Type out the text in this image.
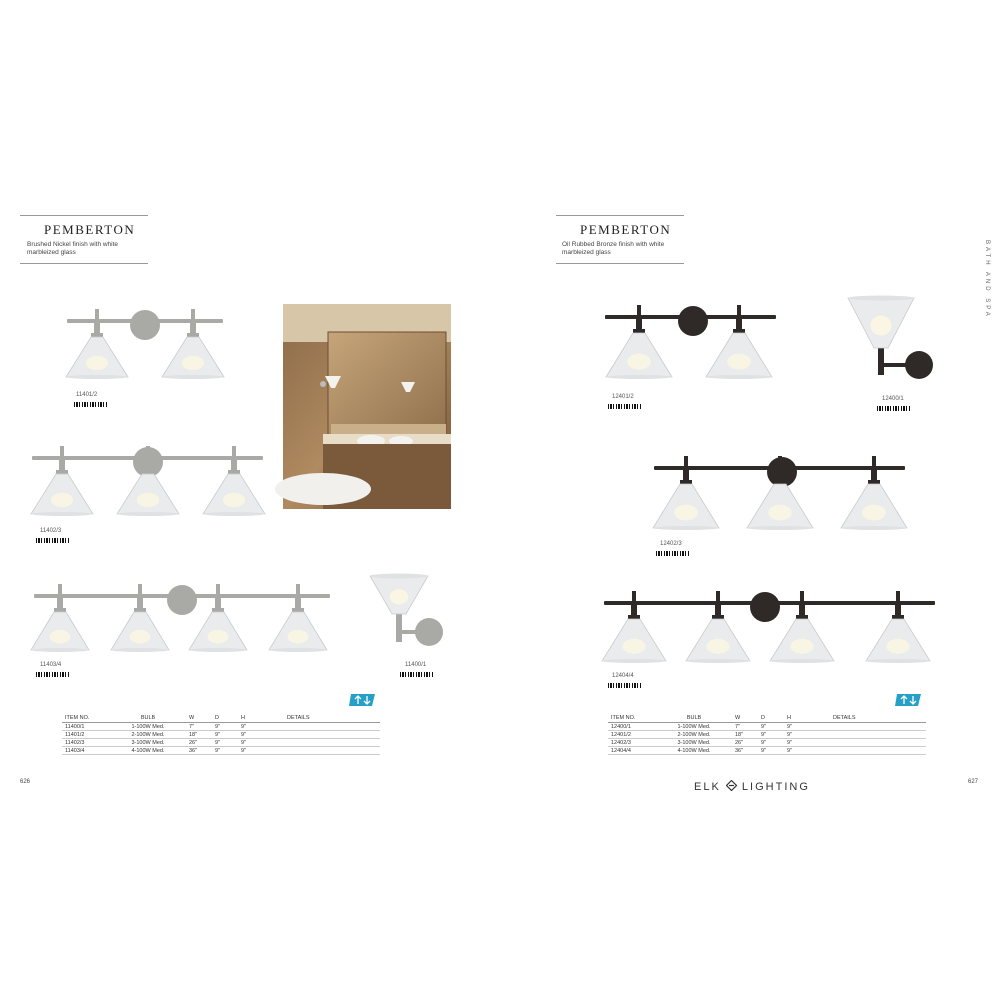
PEMBERTON
Brushed Nickel finish with white marbleized glass
11401/2
11402/3
11403/4	11400/1
ITEM NO.	BULB	W	D	H	DETAILS
11400/1	1-100W Med.	7"	9"	9"	
11401/2	2-100W Med.	18"	9"	9"	
11402/3	3-100W Med.	26"	9"	9"	
11403/4	4-100W Med.	36"	9"	9"	
626
PEMBERTON
Oil Rubbed Bronze finish with white marbleized glass	BATH AND SPA
12401/2	12400/1
12402/3
12404/4
ITEM NO.	BULB	W	D	H	DETAILS
12400/1	1-100W Med.	7"	9"	9"	
12401/2	2-100W Med.	18"	9"	9"	
12402/3	3-100W Med.	26"	9"	9"	
12404/4	4-100W Med.	36"	9"	9"	
627
ELK LIGHTING
